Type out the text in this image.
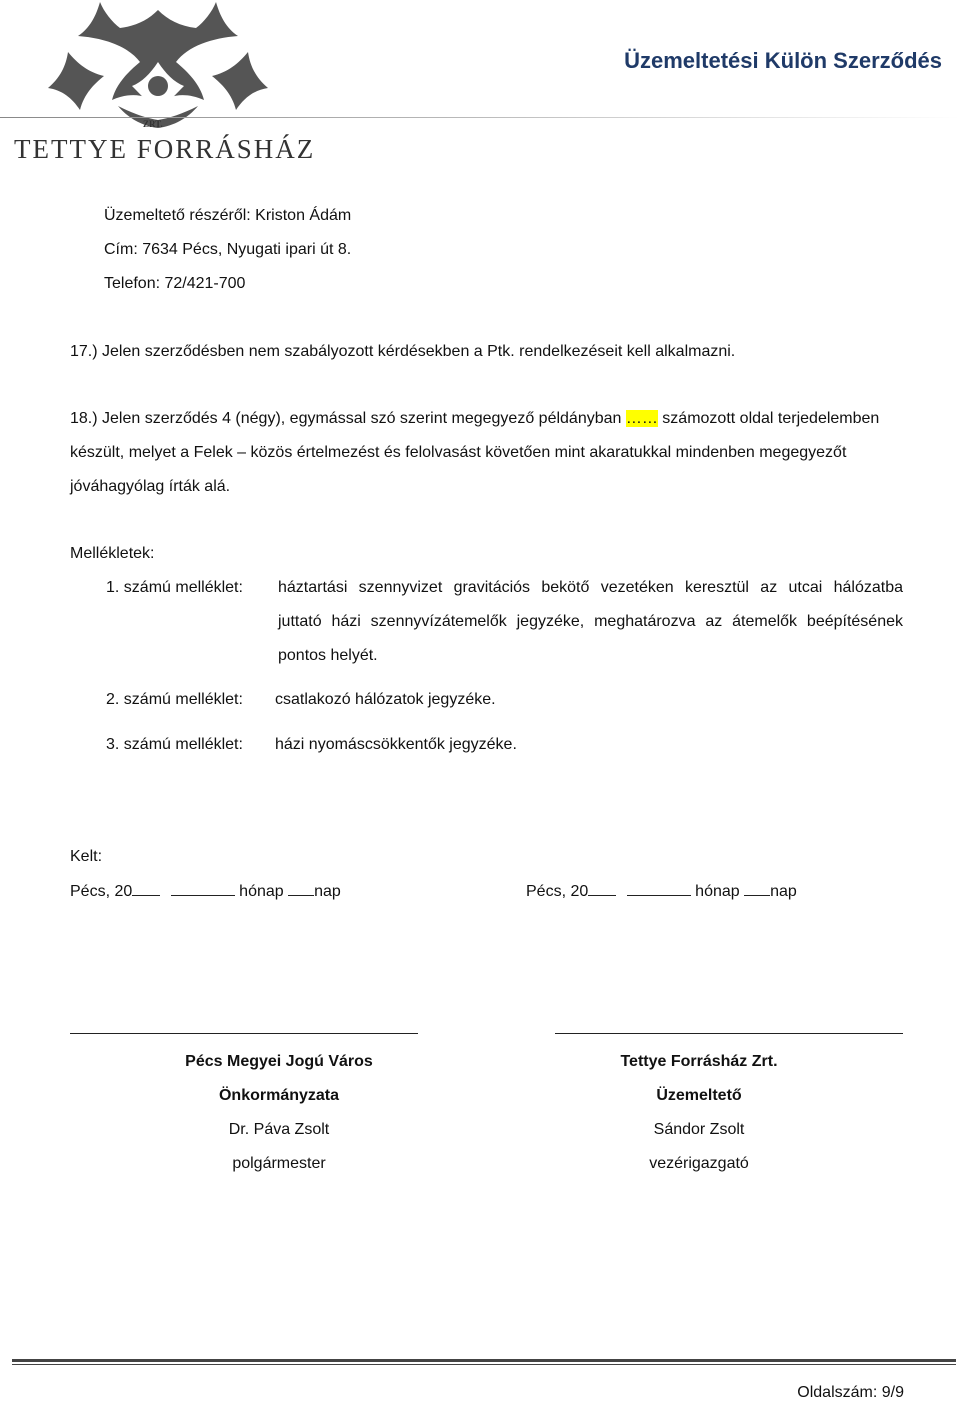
ZRT.
TETTYE FORRÁSHÁZ
Üzemeltetési Külön Szerződés
Üzemeltető részéről: Kriston Ádám
Cím: 7634 Pécs, Nyugati ipari út 8.
Telefon: 72/421-700
17.) Jelen szerződésben nem szabályozott kérdésekben a Ptk. rendelkezéseit kell alkalmazni.
18.) Jelen szerződés 4 (négy), egymással szó szerint megegyező példányban …… számozott oldal terjedelemben
készült, melyet a Felek – közös értelmezést és felolvasást követően mint akaratukkal mindenben megegyezőt
jóváhagyólag írták alá.
Mellékletek:
1. számú melléklet: háztartási szennyvizet gravitációs bekötő vezetéken keresztül az utcai hálózatba
juttató házi szennyvízátemelők jegyzéke, meghatározva az átemelők beépítésének
pontos helyét.
2. számú melléklet: csatlakozó hálózatok jegyzéke.
3. számú melléklet: házi nyomáscsökkentők jegyzéke.
Kelt:
Pécs, 20	hónap nap	Pécs, 20	hónap nap
Pécs Megyei Jogú Város
Önkormányzata
Dr. Páva Zsolt
polgármester
Tettye Forrásház Zrt.
Üzemeltető
Sándor Zsolt
vezérigazgató
Oldalszám: 9/9
